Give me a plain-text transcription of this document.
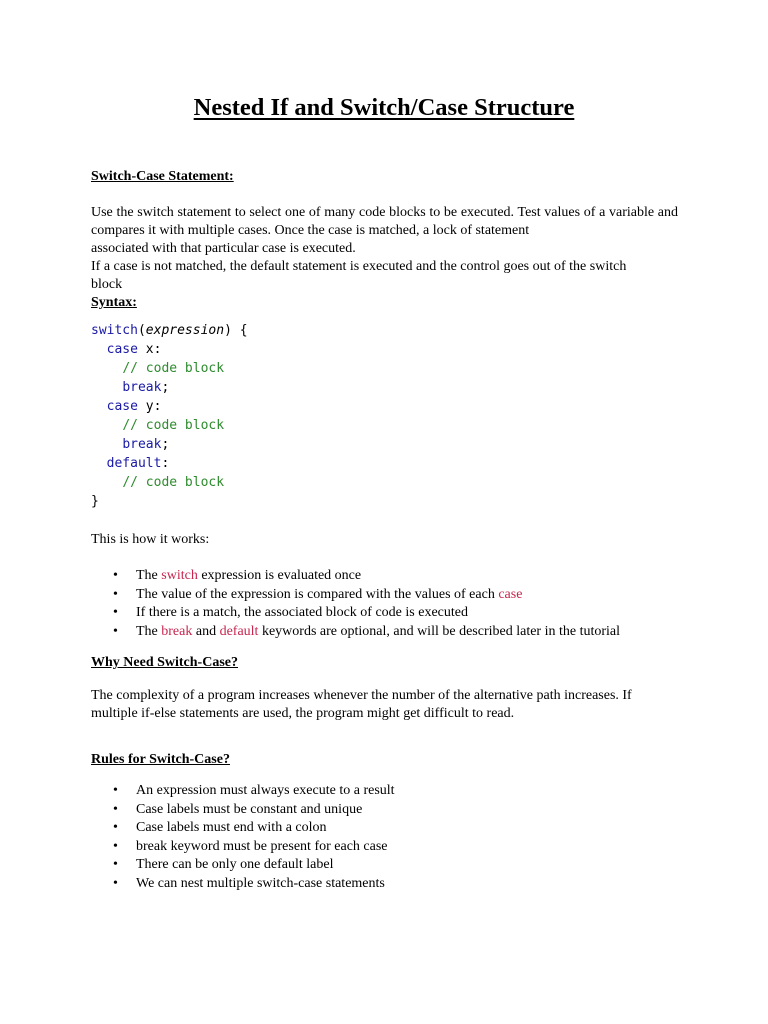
Nested If and Switch/Case Structure
Switch-Case Statement:

Use the switch statement to select one of many code blocks to be executed. Test values of a variable and compares it with multiple cases. Once the case is matched, a lock of statement
associated with that particular case is executed.

If a case is not matched, the default statement is executed and the control goes out of the switch
block

Syntax:
switch(expression) {
case x:
// code block
break;
case y:
// code block
break;
default:
// code block
}

This is how it works:

• The switch expression is evaluated once
• The value of the expression is compared with the values of each case
• If there is a match, the associated block of code is executed
• The break and default keywords are optional, and will be described later in the tutorial
Why Need Switch-Case?

The complexity of a program increases whenever the number of the alternative path increases. If
multiple if-else statements are used, the program might get difficult to read.

Rules for Switch-Case?
• An expression must always execute to a result
• Case labels must be constant and unique
• Case labels must end with a colon
• break keyword must be present for each case
• There can be only one default label
• We can nest multiple switch-case statements
